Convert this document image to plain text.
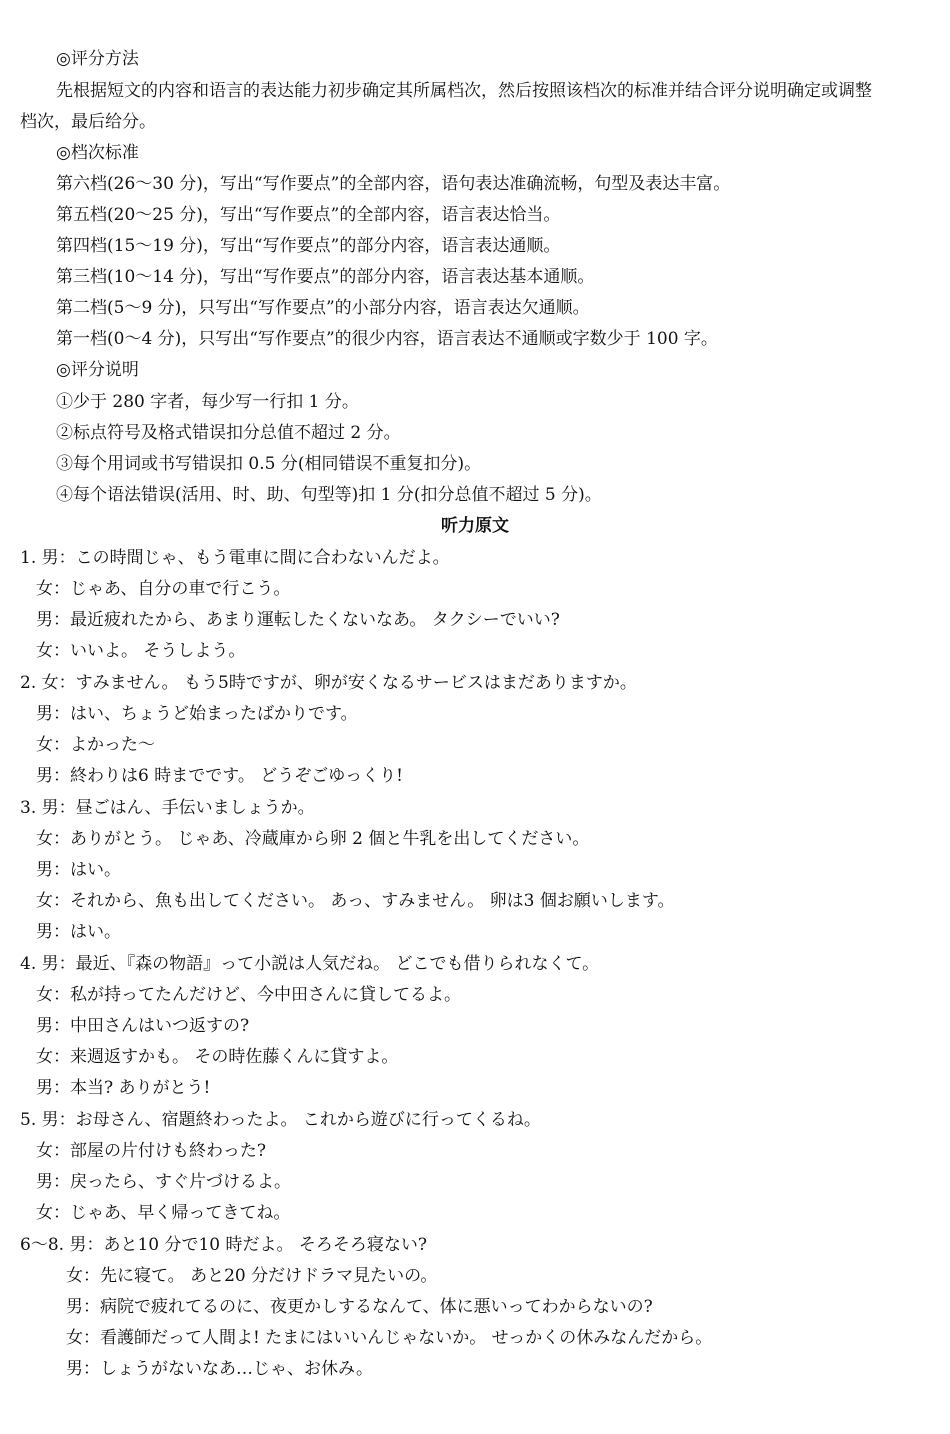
◎评分方法
先根据短文的内容和语言的表达能力初步确定其所属档次，然后按照该档次的标准并结合评分说明确定或调整
档次，最后给分。
◎档次标准
第六档(26～30 分)，写出“写作要点”的全部内容，语句表达准确流畅，句型及表达丰富。
第五档(20～25 分)，写出“写作要点”的全部内容，语言表达恰当。
第四档(15～19 分)，写出“写作要点”的部分内容，语言表达通顺。
第三档(10～14 分)，写出“写作要点”的部分内容，语言表达基本通顺。
第二档(5～9 分)，只写出“写作要点”的小部分内容，语言表达欠通顺。
第一档(0～4 分)，只写出“写作要点”的很少内容，语言表达不通顺或字数少于 100 字。
◎评分说明
①少于 280 字者，每少写一行扣 1 分。
②标点符号及格式错误扣分总值不超过 2 分。
③每个用词或书写错误扣 0.5 分(相同错误不重复扣分)。
④每个语法错误(活用、时、助、句型等)扣 1 分(扣分总值不超过 5 分)。
听力原文
1. 男：この時間じゃ、もう電車に間に合わないんだよ。
女：じゃあ、自分の車で行こう。
男：最近疲れたから、あまり運転したくないなあ。 タクシーでいい?
女：いいよ。 そうしよう。
2. 女：すみません。 もう5時ですが、卵が安くなるサービスはまだありますか。
男：はい、ちょうど始まったばかりです。
女：よかった～
男：終わりは6 時までです。 どうぞごゆっくり!
3. 男：昼ごはん、手伝いましょうか。
女：ありがとう。 じゃあ、冷蔵庫から卵 2 個と牛乳を出してください。
男：はい。
女：それから、魚も出してください。 あっ、すみません。 卵は3 個お願いします。
男：はい。
4. 男：最近、『森の物語』って小説は人気だね。 どこでも借りられなくて。
女：私が持ってたんだけど、今中田さんに貸してるよ。
男：中田さんはいつ返すの?
女：来週返すかも。 その時佐藤くんに貸すよ。
男：本当? ありがとう!
5. 男：お母さん、宿題終わったよ。 これから遊びに行ってくるね。
女：部屋の片付けも終わった?
男：戻ったら、すぐ片づけるよ。
女：じゃあ、早く帰ってきてね。
6～8. 男：あと10 分で10 時だよ。 そろそろ寝ない?
女：先に寝て。 あと20 分だけドラマ見たいの。
男：病院で疲れてるのに、夜更かしするなんて、体に悪いってわからないの?
女：看護師だって人間よ! たまにはいいんじゃないか。 せっかくの休みなんだから。
男：しょうがないなあ…じゃ、お休み。
